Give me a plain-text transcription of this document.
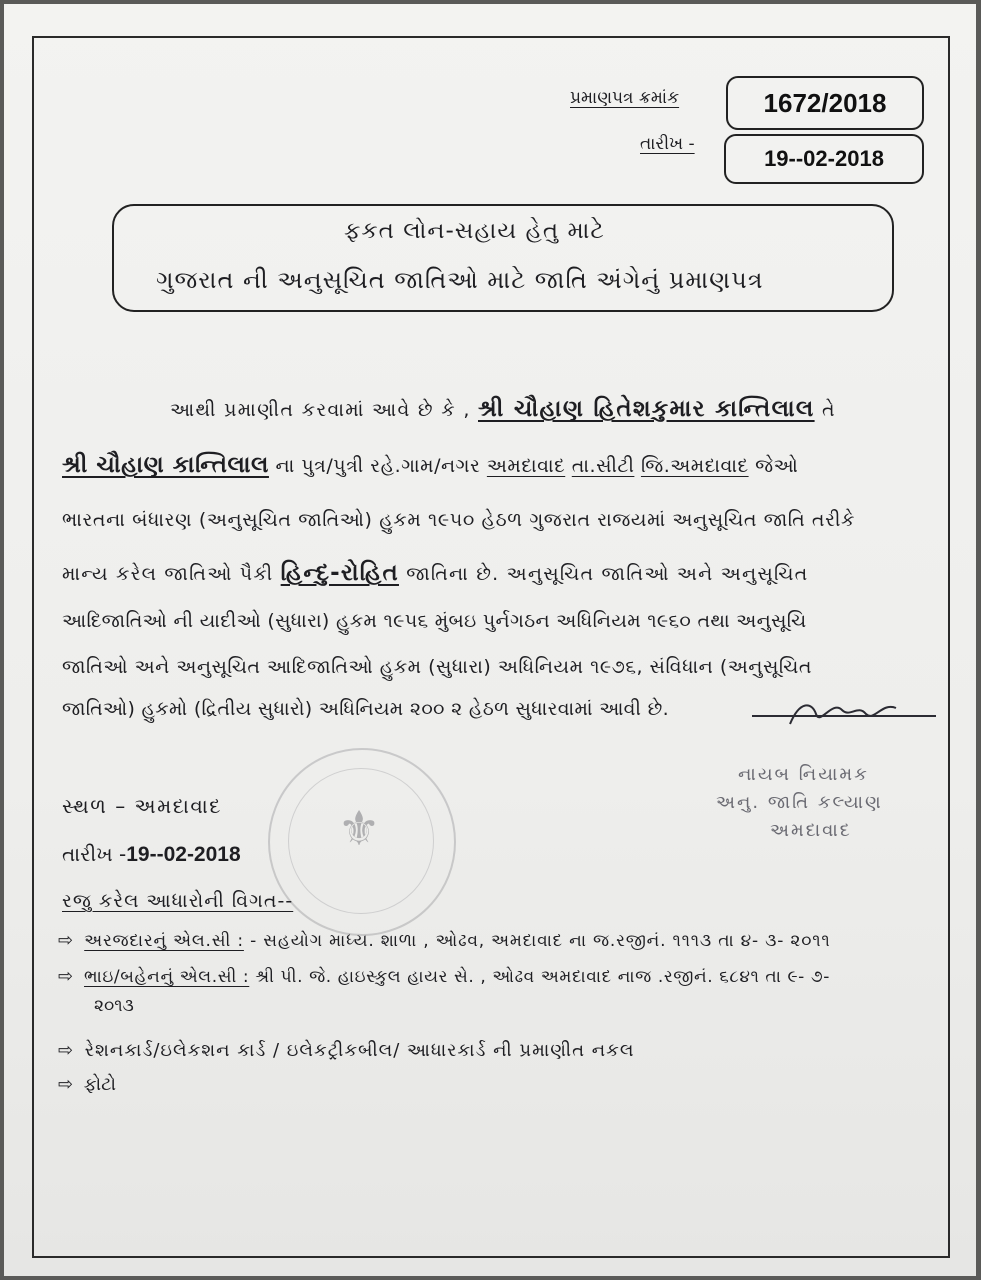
પ્રમાણપત્ર ક્રમાંક	1672/2018
તારીખ -
19--02-2018
ફકત લોન-સહાય હેતુ માટે
ગુજરાત ની અનુસૂચિત જાતિઓ માટે જાતિ અંગેનું પ્રમાણપત્ર
આથી પ્રમાણીત કરવામાં આવે છે કે , શ્રી ચૌહાણ હિતેશકુમાર કાન્તિલાલ તે
શ્રી ચૌહાણ કાન્તિલાલ ના પુત્ર/પુત્રી રહે.ગામ/નગર અમદાવાદ તા.સીટી જિ.અમદાવાદ જેઓ
ભારતના બંધારણ (અનુસૂચિત જાતિઓ) હુકમ ૧૯૫૦ હેઠળ ગુજરાત રાજયમાં અનુસૂચિત જાતિ તરીકે
માન્ય કરેલ જાતિઓ પૈકી હિન્દુ-રોહિત જાતિના છે. અનુસૂચિત જાતિઓ અને અનુસૂચિત
આદિજાતિઓ ની યાદીઓ (સુધારા) હુકમ ૧૯૫૬ મુંબઇ પુર્નગઠન અધિનિયમ ૧૯૬૦ તથા અનુસૂચિ
જાતિઓ અને અનુસૂચિત આદિજાતિઓ હુકમ (સુધારા) અધિનિયમ ૧૯૭૬, સંવિધાન (અનુસૂચિત
જાતિઓ) હુકમો (દ્રિતીય સુધારો) અધિનિયમ ૨૦૦ ૨ હેઠળ સુધારવામાં આવી છે.
નાયબ નિયામક
અનુ. જાતિ કલ્યાણ
અમદાવાદ
⚜
સ્થળ – અમદાવાદ
તારીખ -19--02-2018
રજુ કરેલ આધારોની વિગત--
⇨ અરજદારનું એલ.સી : - સહયોગ માધ્ય. શાળા , ઓઢવ, અમદાવાદ ના જ.રજીનં. ૧૧૧૩ તા ૪- ૩- ૨૦૧૧
⇨ ભાઇ/બહેનનું એલ.સી : શ્રી પી. જે. હાઇસ્કુલ હાયર સે. , ઓઢવ અમદાવાદ નાજ .રજીનં. ૬૮૪૧ તા ૯- ૭-
૨૦૧૩
⇨ રેશનકાર્ડ/ઇલેકશન કાર્ડ / ઇલેકટ્રીકબીલ/ આધારકાર્ડ ની પ્રમાણીત નકલ
⇨ ફોટો
